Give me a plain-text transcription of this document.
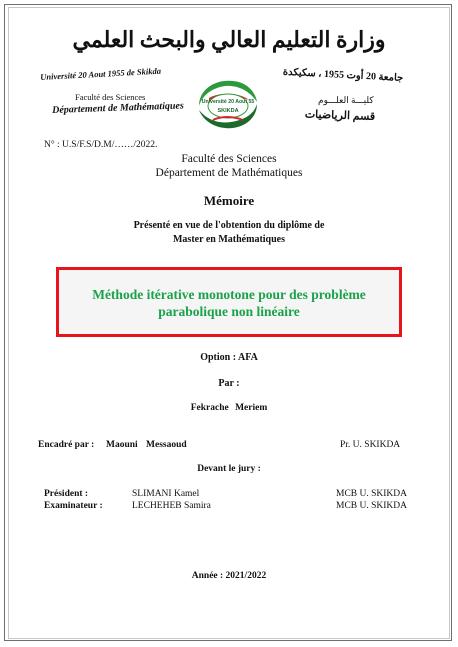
وزارة التعليم العالي والبحث العلمي
Université 20 Aout 1955 de Skikda
Faculté des Sciences
Département de Mathématiques
جامعة 20 أوت 1955 ، سكيكدة
كليـــة العلـــوم
قسم الرياضيات
Université 20 Aout 55
SKIKDA
N° : U.S/F.S/D.M/……/2022.
Faculté des Sciences
Département de Mathématiques
Mémoire
Présenté en vue de l'obtention du diplôme de
Master en Mathématiques
Méthode itérative monotone pour des problème parabolique non linéaire
Option : AFA
Par :
Fekrache Meriem
Encadré par : Maouni Messaoud	Pr. U. SKIKDA
Devant le jury :
Président :	SLIMANI Kamel	MCB U. SKIKDA
Examinateur :	LECHEHEB Samira	MCB U. SKIKDA
Année : 2021/2022
